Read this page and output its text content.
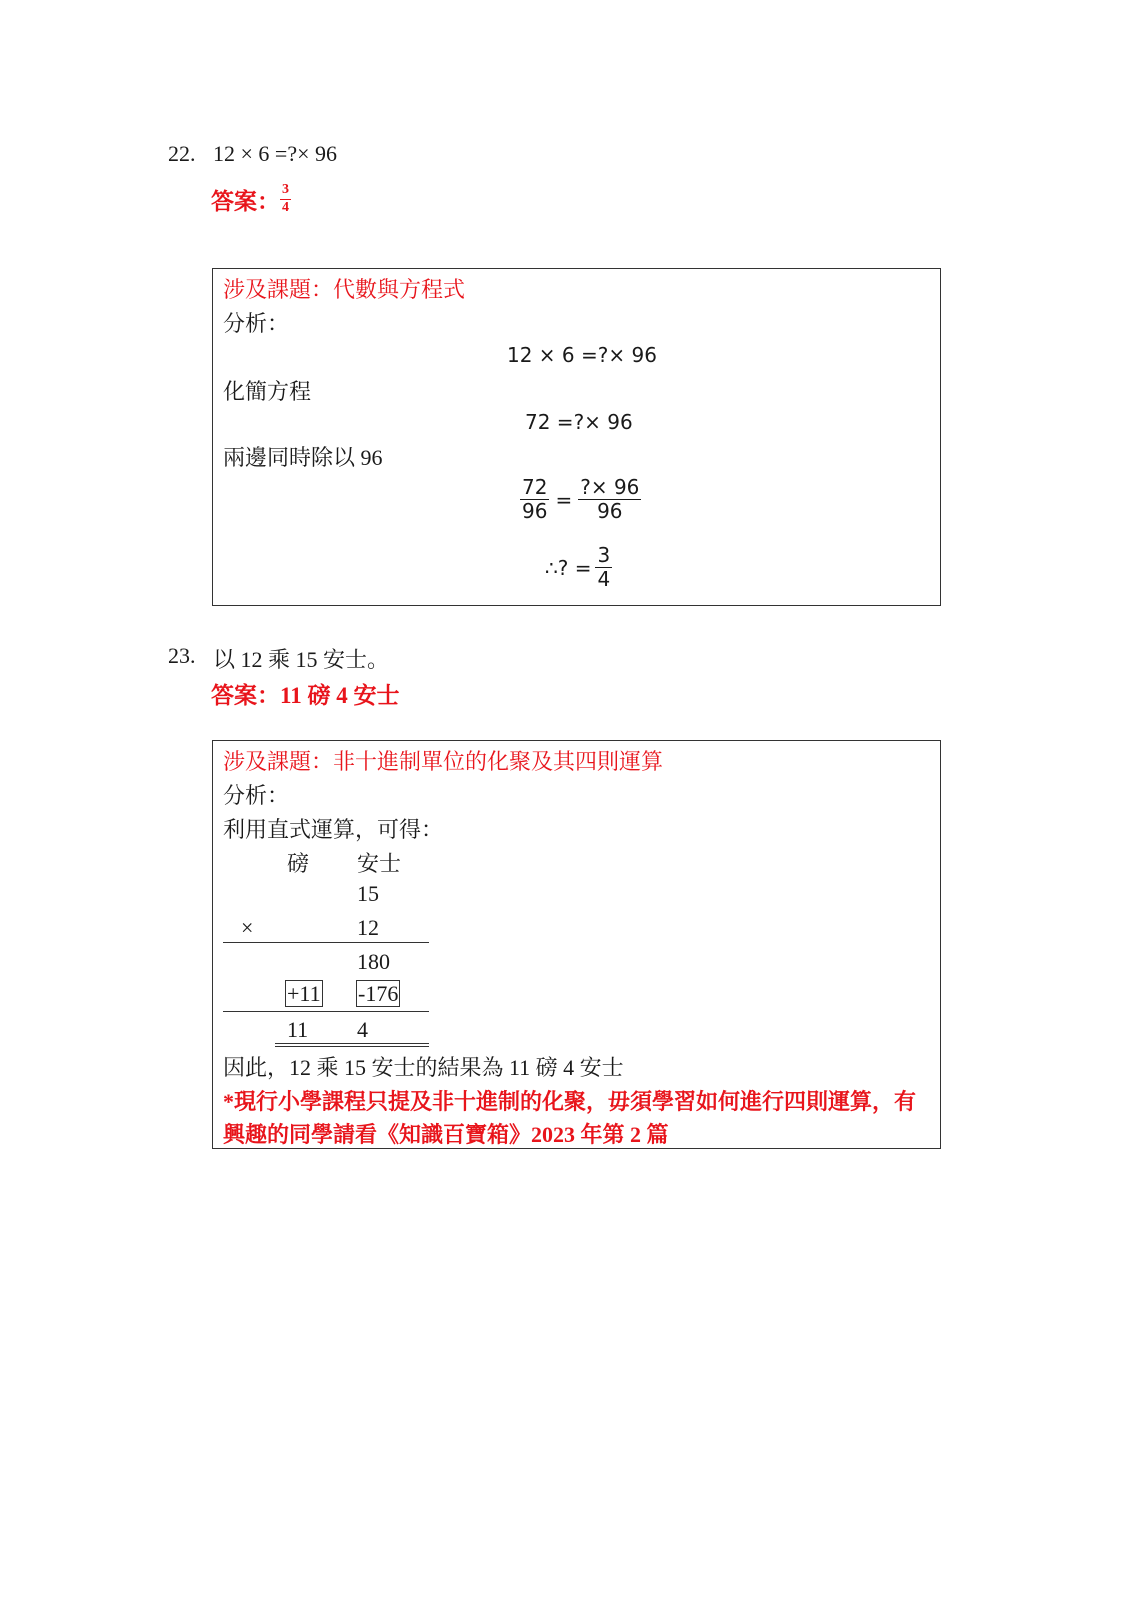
22. 12 × 6 =?× 96
答案： $\frac{3}{4}$
涉及課題：代數與方程式
分析：
12 × 6 =?× 96
化簡方程
72 =?× 96
兩邊同時除以 96
$\frac{72}{96} = \frac{?\times 96}{96}$
∴? = $\frac{3}{4}$
23. 以 12 乘 15 安士。
答案：11 磅 4 安士
涉及課題：非十進制單位的化聚及其四則運算
分析：
利用直式運算，可得：
磅 安士
15
×	12
180
+11 -176
11 4
因此，12 乘 15 安士的結果為 11 磅 4 安士
*現行小學課程只提及非十進制的化聚，毋須學習如何進行四則運算，有
興趣的同學請看《知識百寶箱》2023 年第 2 篇
